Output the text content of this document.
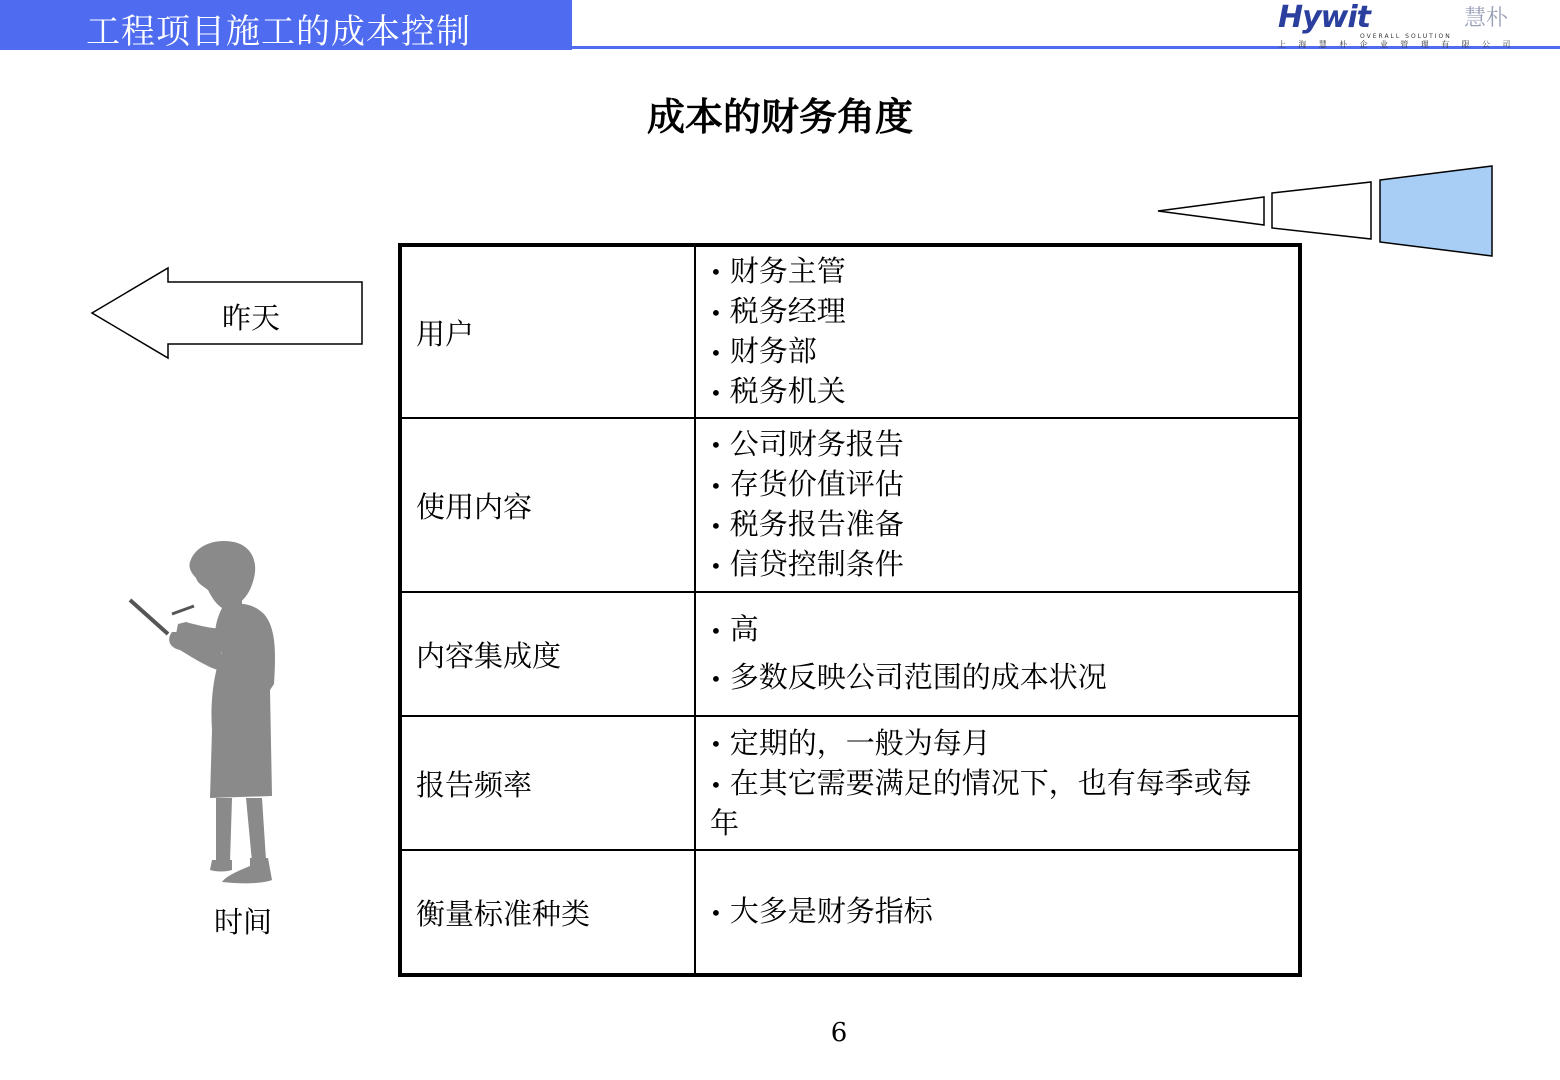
工程项目施工的成本控制	Hywit	慧朴
OVERALL SOLUTION
上海慧朴企业管理有限公司
成本的财务角度
昨天
时间
用户	• 财务主管
• 税务经理
• 财务部
• 税务机关

使用内容	• 公司财务报告
• 存货价值评估
• 税务报告准备
• 信贷控制条件

内容集成度	• 高
• 多数反映公司范围的成本状况

报告频率	• 定期的，一般为每月
• 在其它需要满足的情况下，也有每季或每年

衡量标准种类	• 大多是财务指标
6
